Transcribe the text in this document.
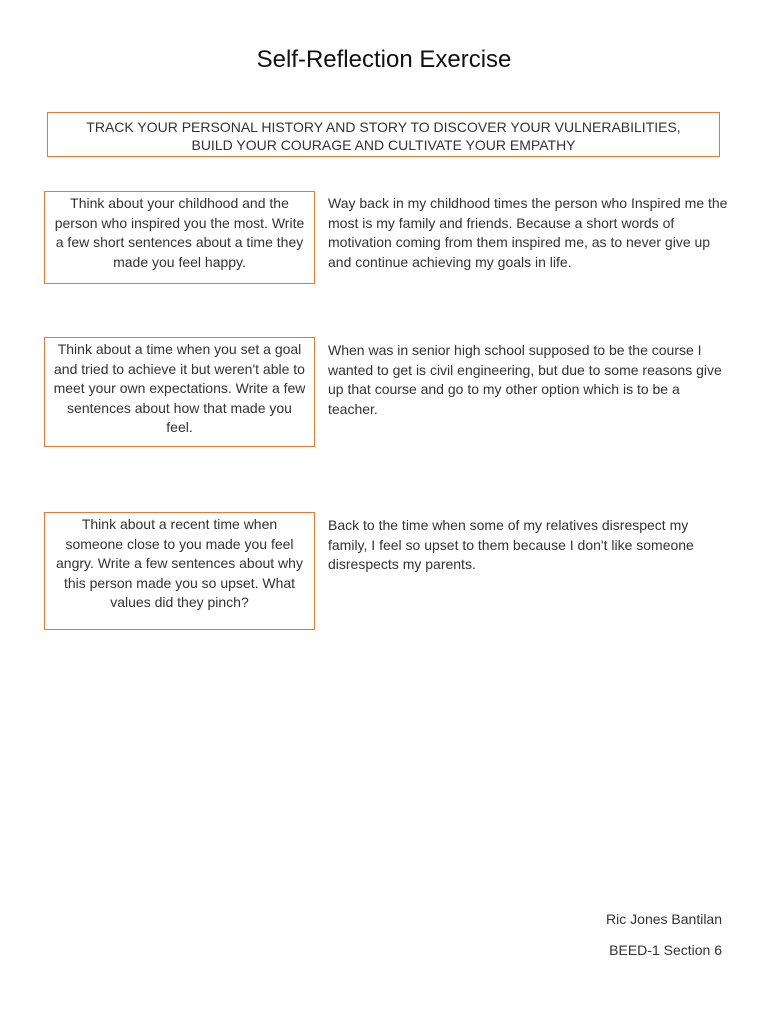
Self-Reflection Exercise
TRACK YOUR PERSONAL HISTORY AND STORY TO DISCOVER YOUR VULNERABILITIES,
BUILD YOUR COURAGE AND CULTIVATE YOUR EMPATHY
Think about your childhood and the person who inspired you the most. Write a few short sentences about a time they made you feel happy.
Way back in my childhood times the person who Inspired me the most is my family and friends. Because a short words of motivation coming from them inspired me, as to never give up and continue achieving my goals in life.
Think about a time when you set a goal and tried to achieve it but weren't able to meet your own expectations. Write a few sentences about how that made you feel.
When was in senior high school supposed to be the course I wanted to get is civil engineering, but due to some reasons give up that course and go to my other option which is to be a teacher.
Think about a recent time when someone close to you made you feel angry. Write a few sentences about why this person made you so upset. What values did they pinch?
Back to the time when some of my relatives disrespect my family, I feel so upset to them because I don't like someone disrespects my parents.
Ric Jones Bantilan
BEED-1 Section 6
